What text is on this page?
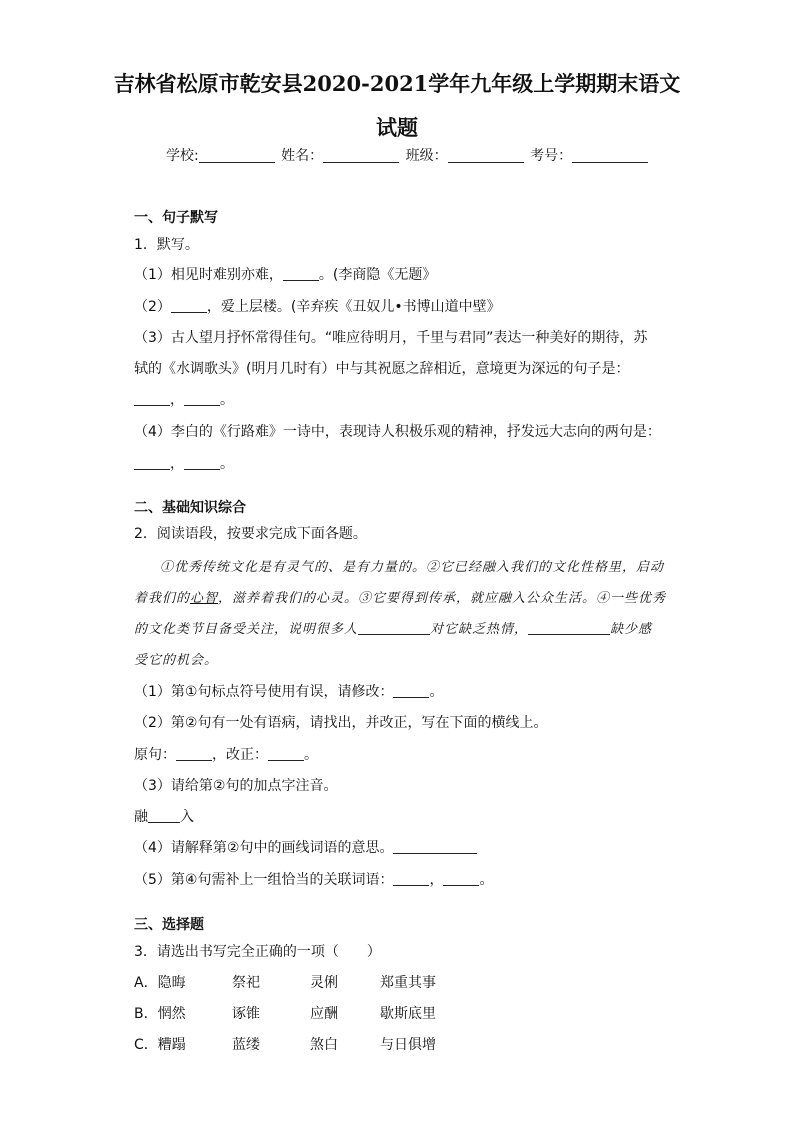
吉林省松原市乾安县2020-2021学年九年级上学期期末语文
试题
学校:	姓名：	班级：	考号：
一、句子默写
1．默写。
（1）相见时难别亦难，	。(李商隐《无题》
（2）	，爱上层楼。(辛弃疾《丑奴儿•书博山道中壁》
（3）古人望月抒怀常得佳句。“唯应待明月，千里与君同”表达一种美好的期待，苏
轼的《水调歌头》(明月几时有）中与其祝愿之辞相近，意境更为深远的句子是：
，	。
（4）李白的《行路难》一诗中，表现诗人积极乐观的精神，抒发远大志向的两句是：
，	。
二、基础知识综合
2．阅读语段，按要求完成下面各题。
①优秀传统文化是有灵气的、是有力量的。②它已经融入我们的文化性格里，启动
着我们的心智，滋养着我们的心灵。③它要得到传承，就应融入公众生活。④一些优秀
的文化类节目备受关注，说明很多人	对它缺乏热情，	缺少感
受它的机会。
（1）第①句标点符号使用有误，请修改：	。
（2）第②句有一处有语病，请找出，并改正，写在下面的横线上。
原句：	，改正：	。
（3）请给第②句的加点字注音。
融 入
（4）请解释第②句中的画线词语的意思。
（5）第④句需补上一组恰当的关联词语：	，	。
三、选择题
3．请选出书写完全正确的一项（　　）
A．隐晦	祭祀	灵俐	郑重其事
B．惘然	诼锥	应酬	歇斯底里
C．糟蹋	蓝缕	煞白	与日俱增
